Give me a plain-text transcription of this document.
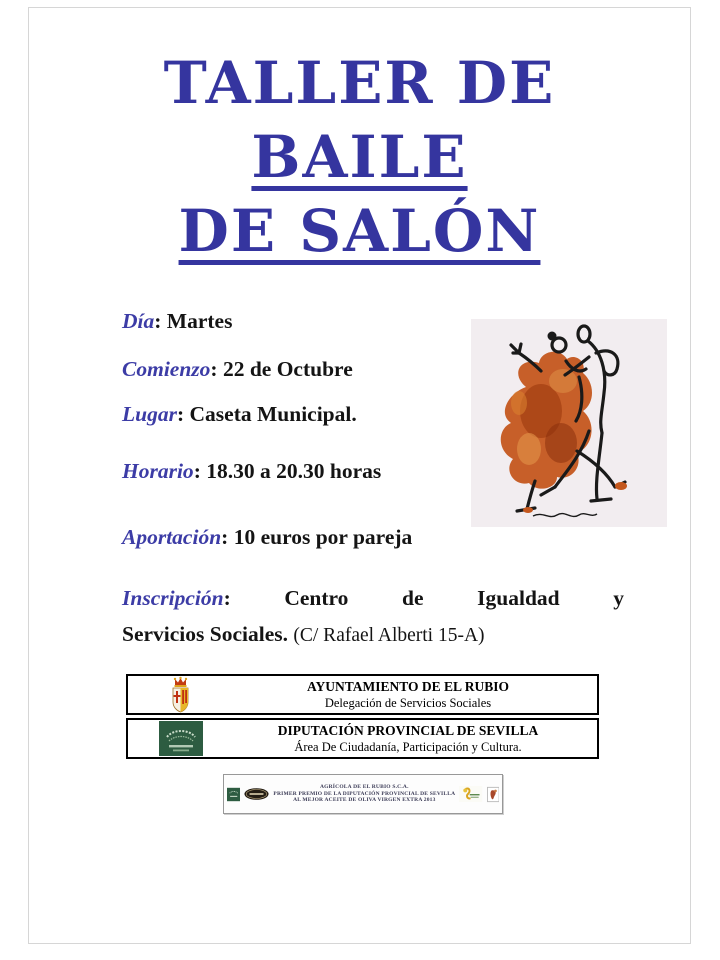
TALLER DE
BAILE
DE SALÓN
Día: Martes
Comienzo: 22 de Octubre
Lugar: Caseta Municipal.
Horario: 18.30 a 20.30 horas
Aportación: 10 euros por pareja
Inscripción: Centro de Igualdad y
Servicios Sociales. (C/ Rafael Alberti 15-A)
AYUNTAMIENTO DE EL RUBIO
Delegación de Servicios Sociales
DIPUTACIÓN PROVINCIAL DE SEVILLA
Área De Ciudadanía, Participación y Cultura.
AGRÍCOLA DE EL RUBIO S.C.A.
PRIMER PREMIO DE LA DIPUTACIÓN PROVINCIAL DE SEVILLA
AL MEJOR ACEITE DE OLIVA VIRGEN EXTRA 2013
